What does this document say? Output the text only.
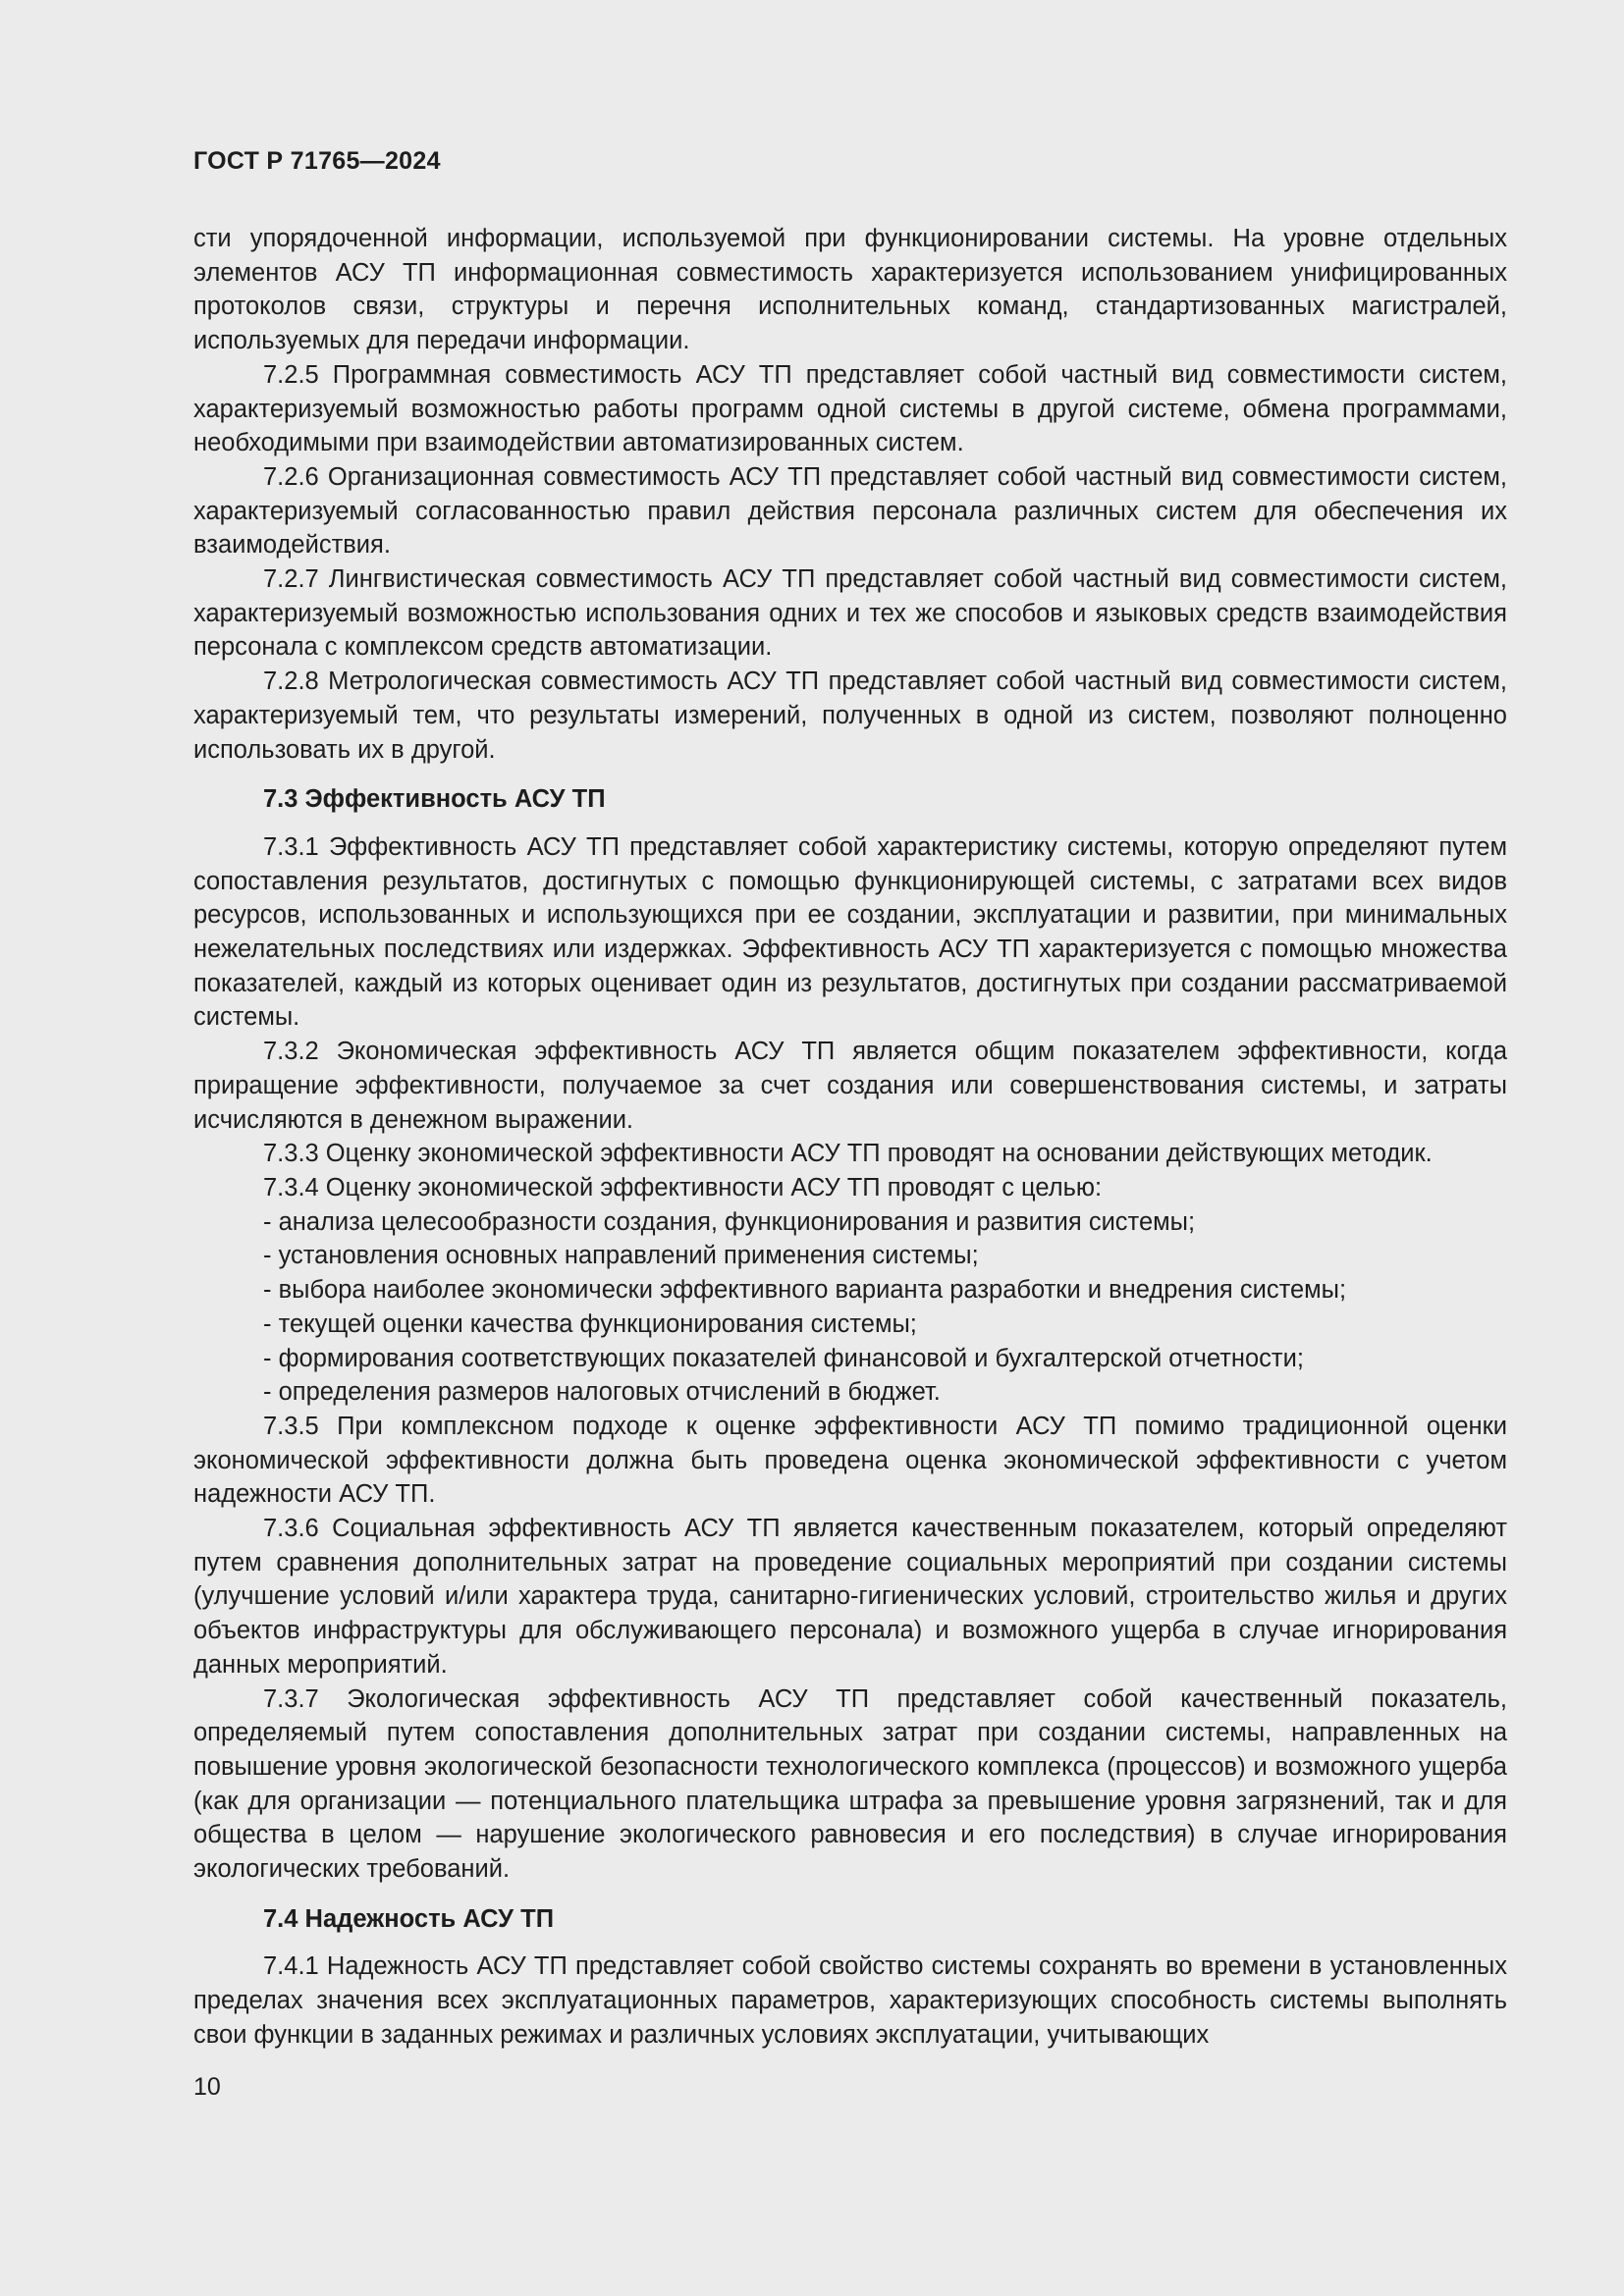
ГОСТ Р 71765—2024

сти упорядоченной информации, используемой при функционировании системы. На уровне отдельных элементов АСУ ТП информационная совместимость характеризуется использованием унифицированных протоколов связи, структуры и перечня исполнительных команд, стандартизованных магистралей, используемых для передачи информации.

7.2.5 Программная совместимость АСУ ТП представляет собой частный вид совместимости систем, характеризуемый возможностью работы программ одной системы в другой системе, обмена программами, необходимыми при взаимодействии автоматизированных систем.

7.2.6 Организационная совместимость АСУ ТП представляет собой частный вид совместимости систем, характеризуемый согласованностью правил действия персонала различных систем для обеспечения их взаимодействия.

7.2.7 Лингвистическая совместимость АСУ ТП представляет собой частный вид совместимости систем, характеризуемый возможностью использования одних и тех же способов и языковых средств взаимодействия персонала с комплексом средств автоматизации.

7.2.8 Метрологическая совместимость АСУ ТП представляет собой частный вид совместимости систем, характеризуемый тем, что результаты измерений, полученных в одной из систем, позволяют полноценно использовать их в другой.

7.3 Эффективность АСУ ТП

7.3.1 Эффективность АСУ ТП представляет собой характеристику системы, которую определяют путем сопоставления результатов, достигнутых с помощью функционирующей системы, с затратами всех видов ресурсов, использованных и использующихся при ее создании, эксплуатации и развитии, при минимальных нежелательных последствиях или издержках. Эффективность АСУ ТП характеризуется с помощью множества показателей, каждый из которых оценивает один из результатов, достигнутых при создании рассматриваемой системы.

7.3.2 Экономическая эффективность АСУ ТП является общим показателем эффективности, когда приращение эффективности, получаемое за счет создания или совершенствования системы, и затраты исчисляются в денежном выражении.

7.3.3 Оценку экономической эффективности АСУ ТП проводят на основании действующих методик.

7.3.4 Оценку экономической эффективности АСУ ТП проводят с целью:

- анализа целесообразности создания, функционирования и развития системы;

- установления основных направлений применения системы;

- выбора наиболее экономически эффективного варианта разработки и внедрения системы;

- текущей оценки качества функционирования системы;

- формирования соответствующих показателей финансовой и бухгалтерской отчетности;

- определения размеров налоговых отчислений в бюджет.

7.3.5 При комплексном подходе к оценке эффективности АСУ ТП помимо традиционной оценки экономической эффективности должна быть проведена оценка экономической эффективности с учетом надежности АСУ ТП.

7.3.6 Социальная эффективность АСУ ТП является качественным показателем, который определяют путем сравнения дополнительных затрат на проведение социальных мероприятий при создании системы (улучшение условий и/или характера труда, санитарно-гигиенических условий, строительство жилья и других объектов инфраструктуры для обслуживающего персонала) и возможного ущерба в случае игнорирования данных мероприятий.

7.3.7 Экологическая эффективность АСУ ТП представляет собой качественный показатель, определяемый путем сопоставления дополнительных затрат при создании системы, направленных на повышение уровня экологической безопасности технологического комплекса (процессов) и возможного ущерба (как для организации — потенциального плательщика штрафа за превышение уровня загрязнений, так и для общества в целом — нарушение экологического равновесия и его последствия) в случае игнорирования экологических требований.

7.4 Надежность АСУ ТП

7.4.1 Надежность АСУ ТП представляет собой свойство системы сохранять во времени в установленных пределах значения всех эксплуатационных параметров, характеризующих способность системы выполнять свои функции в заданных режимах и различных условиях эксплуатации, учитывающих

10
